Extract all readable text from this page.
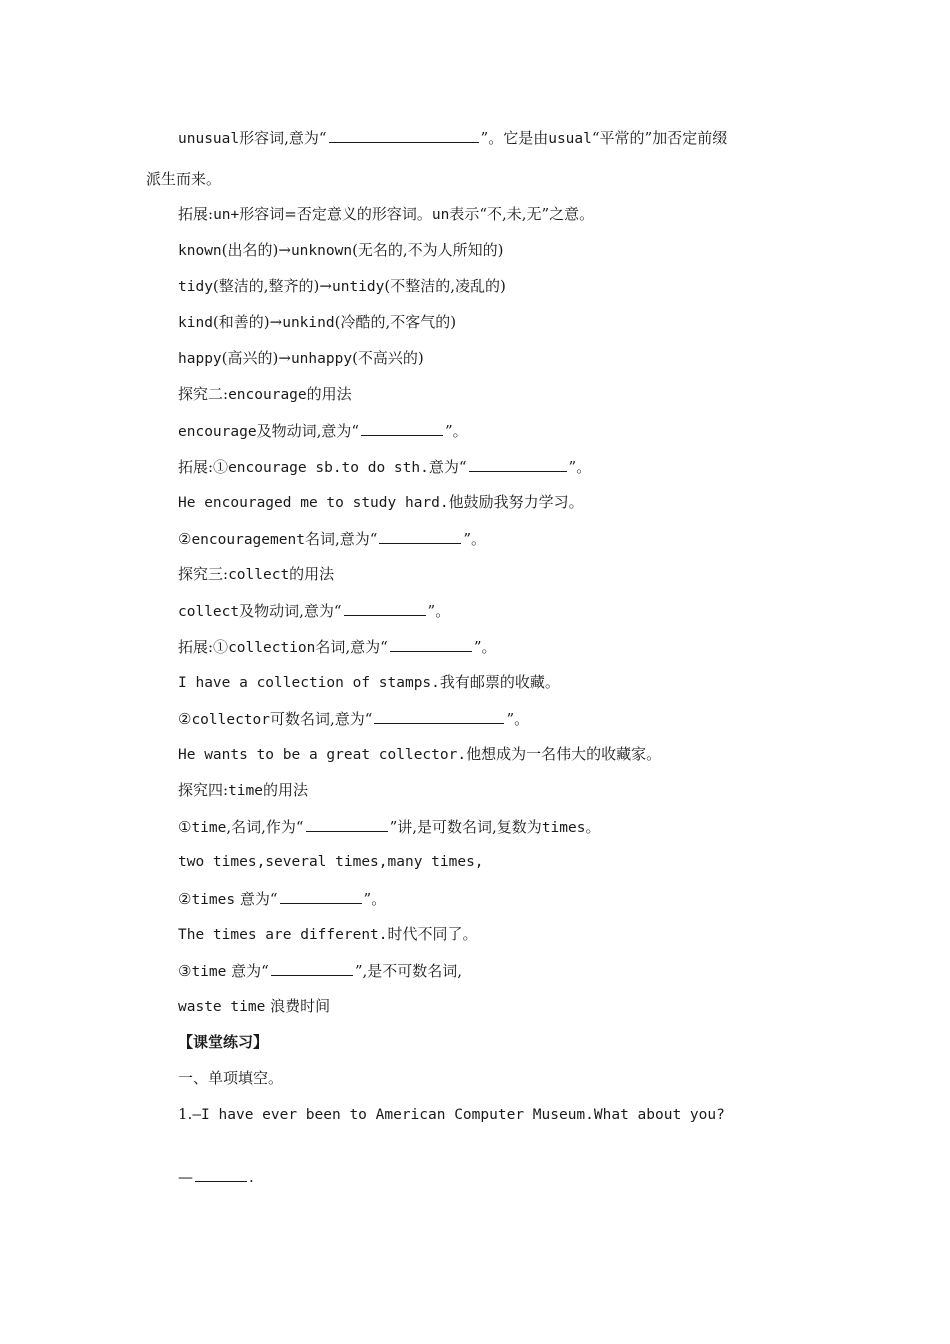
unusual形容词,意为“	”。它是由usual“平常的”加否定前缀
派生而来。
拓展:un+形容词=否定意义的形容词。un表示“不,未,无”之意。
known(出名的)→unknown(无名的,不为人所知的)
tidy(整洁的,整齐的)→untidy(不整洁的,凌乱的)
kind(和善的)→unkind(冷酷的,不客气的)
happy(高兴的)→unhappy(不高兴的)
探究二:encourage的用法
encourage及物动词,意为“	”。
拓展:①encourage sb.to do sth.意为“	”。
He encouraged me to study hard.他鼓励我努力学习。
②encouragement名词,意为“	”。
探究三:collect的用法
collect及物动词,意为“	”。
拓展:①collection名词,意为“	”。
I have a collection of stamps.我有邮票的收藏。
②collector可数名词,意为“	”。
He wants to be a great collector.他想成为一名伟大的收藏家。
探究四:time的用法
①time,名词,作为“	”讲,是可数名词,复数为times。
two times,several times,many times,
②times 意为“	”。
The times are different.时代不同了。
③time 意为“	”,是不可数名词,
waste time 浪费时间
【课堂练习】
一、单项填空。
1.—I have ever been to American Computer Museum.What about you?
—	.
